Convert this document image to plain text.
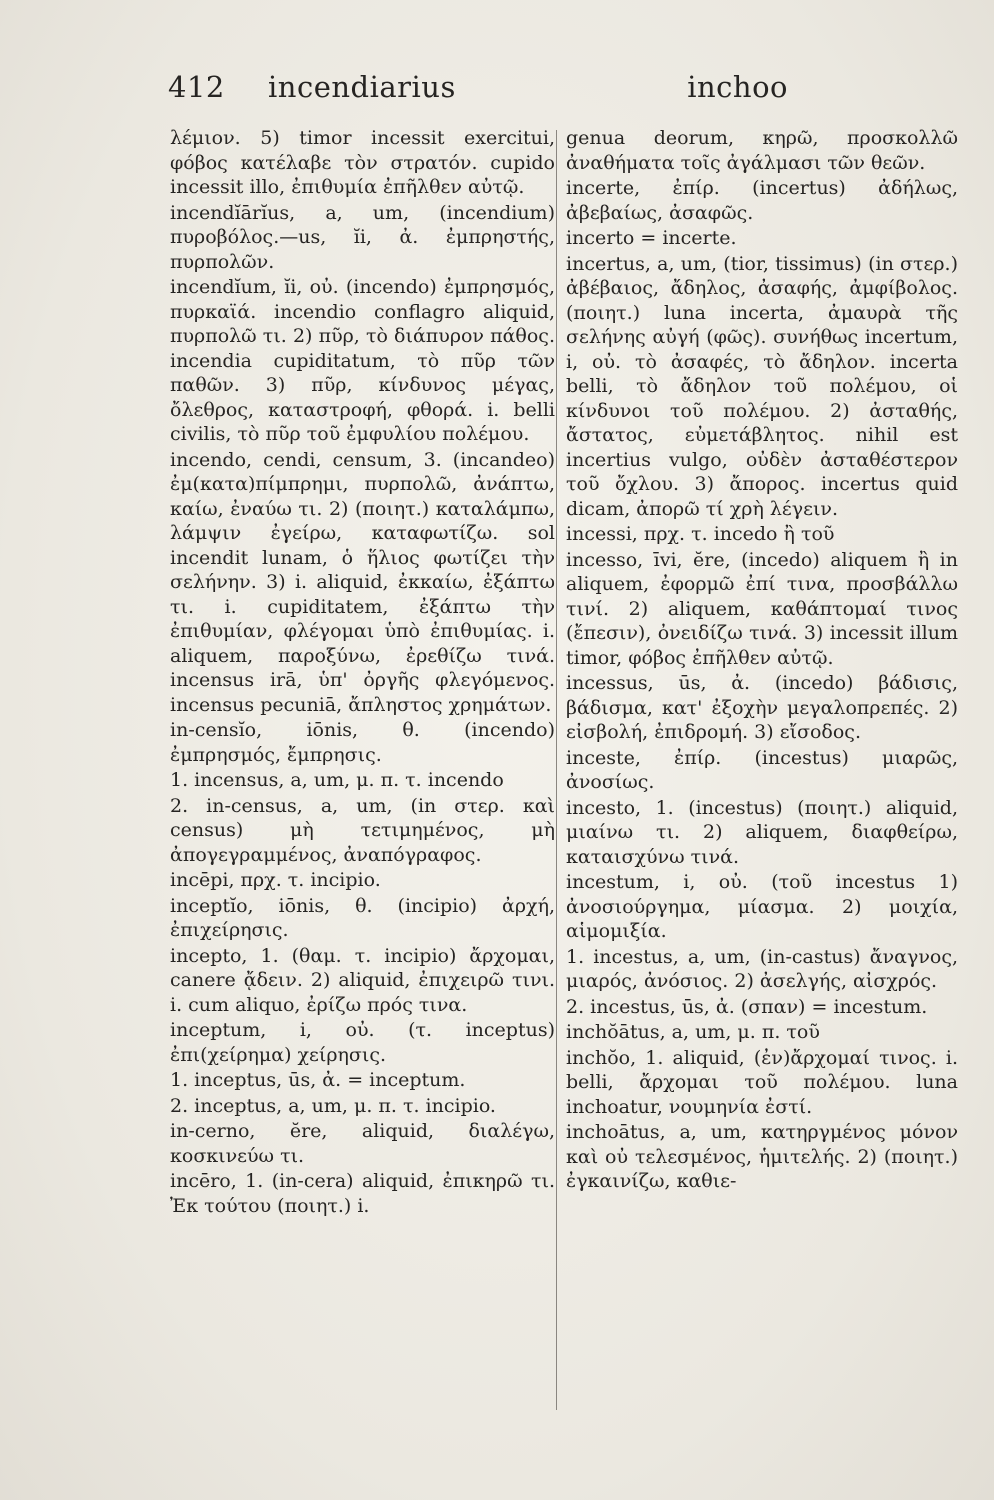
412 incendiarius	inchoo
λέμιον. 5) timor incessit exercitui, φόβος κατέλαβε τὸν στρατόν. cupido incessit illo, ἐπιθυμία ἐπῆλθεν αὐτῷ.
incendĭārĭus, a, um, (incendium) πυροβόλος.—us, ĭi, ἀ. ἐμπρηστής, πυρπολῶν.
incendĭum, ĭi, οὐ. (incendo) ἐμπρησμός, πυρκαϊά. incendio conflagro aliquid, πυρπολῶ τι. 2) πῦρ, τὸ διάπυρον πάθος. incendia cupiditatum, τὸ πῦρ τῶν παθῶν. 3) πῦρ, κίνδυνος μέγας, ὄλεθρος, καταστροφή, φθορά. i. belli civilis, τὸ πῦρ τοῦ ἐμφυλίου πολέμου.
incendo, cendi, censum, 3. (incandeo) ἐμ(κατα)πίμπρημι, πυρπολῶ, ἀνάπτω, καίω, ἐναύω τι. 2) (ποιητ.) καταλάμπω, λάμψιν ἐγείρω, καταφωτίζω. sol incendit lunam, ὁ ἥλιος φωτίζει τὴν σελήνην. 3) i. aliquid, ἐκκαίω, ἐξάπτω τι. i. cupiditatem, ἐξάπτω τὴν ἐπιθυμίαν, φλέγομαι ὑπὸ ἐπιθυμίας. i. aliquem, παροξύνω, ἐρεθίζω τινά. incensus irā, ὑπ' ὀργῆς φλεγόμενος. incensus pecuniā, ἄπληστος χρημάτων.
in-censĭo, iōnis, θ. (incendo) ἐμπρησμός, ἔμπρησις.
1. incensus, a, um, μ. π. τ. incendo
2. in-census, a, um, (in στερ. καὶ census) μὴ τετιμημένος, μὴ ἀπογεγραμμένος, ἀναπόγραφος.
incēpi, πρχ. τ. incipio.
inceptĭo, iōnis, θ. (incipio) ἀρχή, ἐπιχείρησις.
incepto, 1. (θαμ. τ. incipio) ἄρχομαι, canere ᾄδειν. 2) aliquid, ἐπιχειρῶ τινι. i. cum aliquo, ἐρίζω πρός τινα.
inceptum, i, οὐ. (τ. inceptus) ἐπι(χείρημα) χείρησις.
1. inceptus, ūs, ἀ. = inceptum.
2. inceptus, a, um, μ. π. τ. incipio.
in-cerno, ĕre, aliquid, διαλέγω, κοσκινεύω τι.
incēro, 1. (in-cera) aliquid, ἐπικηρῶ τι. Ἐκ τούτου (ποιητ.) i.
genua deorum, κηρῶ, προσκολλῶ ἀναθήματα τοῖς ἀγάλμασι τῶν θεῶν.
incerte, ἐπίρ. (incertus) ἀδήλως, ἀβεβαίως, ἀσαφῶς.
incerto = incerte.
incertus, a, um, (tior, tissimus) (in στερ.) ἀβέβαιος, ἄδηλος, ἀσαφής, ἀμφίβολος. (ποιητ.) luna incerta, ἀμαυρὰ τῆς σελήνης αὐγή (φῶς). συνήθως incertum, i, οὐ. τὸ ἀσαφές, τὸ ἄδηλον. incerta belli, τὸ ἄδηλον τοῦ πολέμου, οἱ κίνδυνοι τοῦ πολέμου. 2) ἀσταθής, ἄστατος, εὐμετάβλητος. nihil est incertius vulgo, οὐδὲν ἀσταθέστερον τοῦ ὄχλου. 3) ἄπορος. incertus quid dicam, ἀπορῶ τί χρὴ λέγειν.
incessi, πρχ. τ. incedo ἢ τοῦ
incesso, īvi, ĕre, (incedo) aliquem ἢ in aliquem, ἐφορμῶ ἐπί τινα, προσβάλλω τινί. 2) aliquem, καθάπτομαί τινος (ἔπεσιν), ὀνειδίζω τινά. 3) incessit illum timor, φόβος ἐπῆλθεν αὐτῷ.
incessus, ūs, ἀ. (incedo) βάδισις, βάδισμα, κατ' ἐξοχὴν μεγαλοπρεπές. 2) εἰσβολή, ἐπιδρομή. 3) εἴσοδος.
inceste, ἐπίρ. (incestus) μιαρῶς, ἀνοσίως.
incesto, 1. (incestus) (ποιητ.) aliquid, μιαίνω τι. 2) aliquem, διαφθείρω, καταισχύνω τινά.
incestum, i, οὐ. (τοῦ incestus 1) ἀνοσιούργημα, μίασμα. 2) μοιχία, αἱμομιξία.
1. incestus, a, um, (in-castus) ἄναγνος, μιαρός, ἀνόσιος. 2) ἀσελγής, αἰσχρός.
2. incestus, ūs, ἀ. (σπαν) = incestum.
inchŏātus, a, um, μ. π. τοῦ
inchŏo, 1. aliquid, (ἐν)ἄρχομαί τινος. i. belli, ἄρχομαι τοῦ πολέμου. luna inchoatur, νουμηνία ἐστί.
inchoātus, a, um, κατηργμένος μόνον καὶ οὐ τελεσμένος, ἡμιτελής. 2) (ποιητ.) ἐγκαινίζω, καθιε-
